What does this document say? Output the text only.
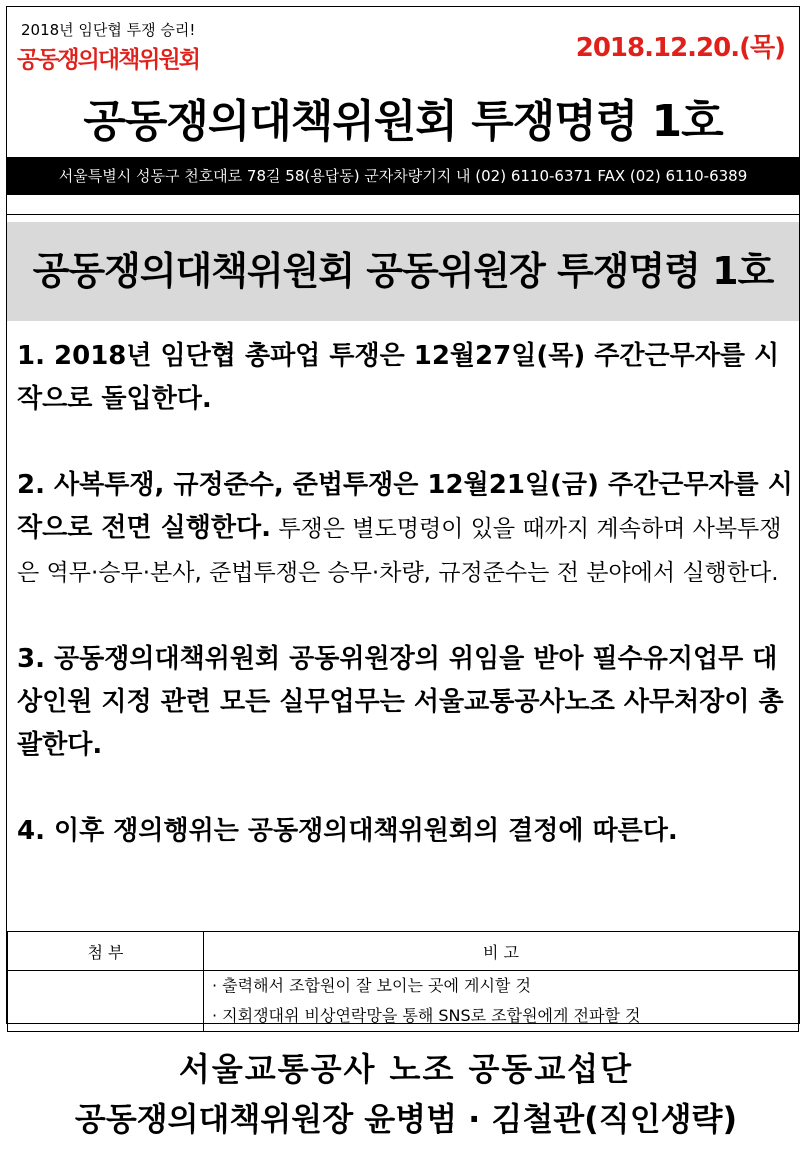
2018년 임단협 투쟁 승리!
공동쟁의대책위원회	2018.12.20.(목)
공동쟁의대책위원회 투쟁명령 1호
서울특별시 성동구 천호대로 78길 58(용답동) 군자차량기지 내 (02) 6110-6371 FAX (02) 6110-6389
공동쟁의대책위원회 공동위원장 투쟁명령 1호

1. 2018년 임단협 총파업 투쟁은 12월27일(목) 주간근무자를 시작으로 돌입한다.

2. 사복투쟁, 규정준수, 준법투쟁은 12월21일(금) 주간근무자를 시작으로 전면 실행한다. 투쟁은 별도명령이 있을 때까지 계속하며 사복투쟁은 역무·승무·본사, 준법투쟁은 승무·차량, 규정준수는 전 분야에서 실행한다.

3. 공동쟁의대책위원회 공동위원장의 위임을 받아 필수유지업무 대상인원 지정 관련 모든 실무업무는 서울교통공사노조 사무처장이 총괄한다.

4. 이후 쟁의행위는 공동쟁의대책위원회의 결정에 따른다.

첨 부	비 고

	· 출력해서 조합원이 잘 보이는 곳에 게시할 것
· 지회쟁대위 비상연락망을 통해 SNS로 조합원에게 전파할 것
서울교통공사 노조 공동교섭단
공동쟁의대책위원장 윤병범 · 김철관(직인생략)
